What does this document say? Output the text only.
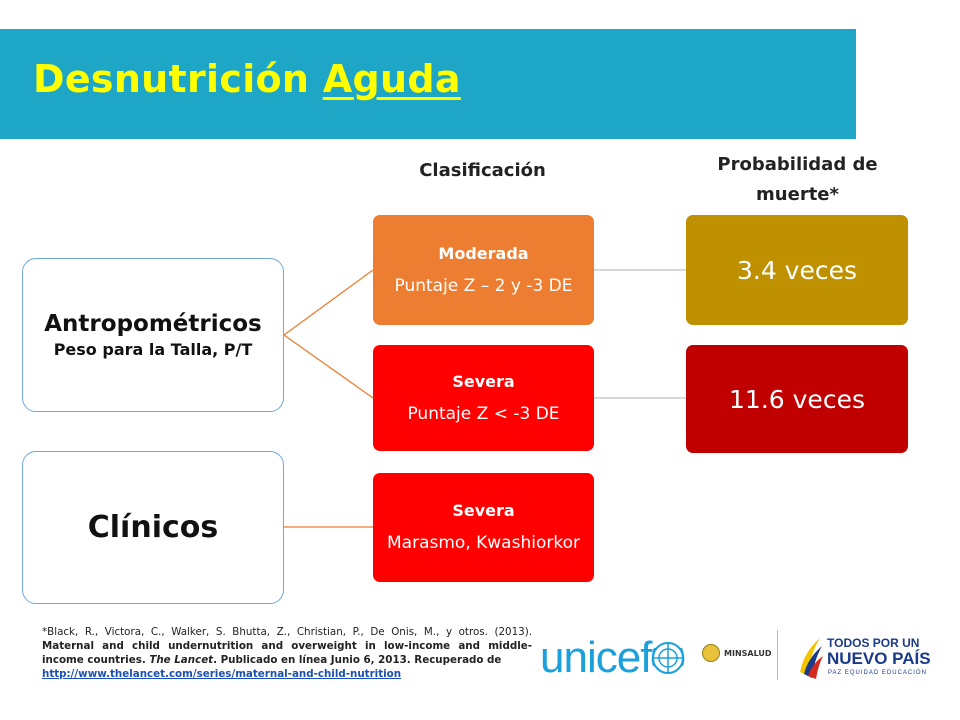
Desnutrición Aguda
Clasificación	Probabilidad de muerte*
Antropométricos
Peso para la Talla, P/T
Clínicos
Moderada
Puntaje Z – 2 y -3 DE
Severa
Puntaje Z < -3 DE
Severa
Marasmo, Kwashiorkor
3.4 veces
11.6 veces
*Black, R., Victora, C., Walker, S. Bhutta, Z., Christian, P., De Onis, M., y otros. (2013). Maternal and child undernutrition and overweight in low-income and middle-income countries. The Lancet. Publicado en línea Junio 6, 2013. Recuperado de
http://www.thelancet.com/series/maternal-and-child-nutrition	unicef	MINSALUD
TODOS POR UN
NUEVO PAÍS
PAZ EQUIDAD EDUCACIÓN
